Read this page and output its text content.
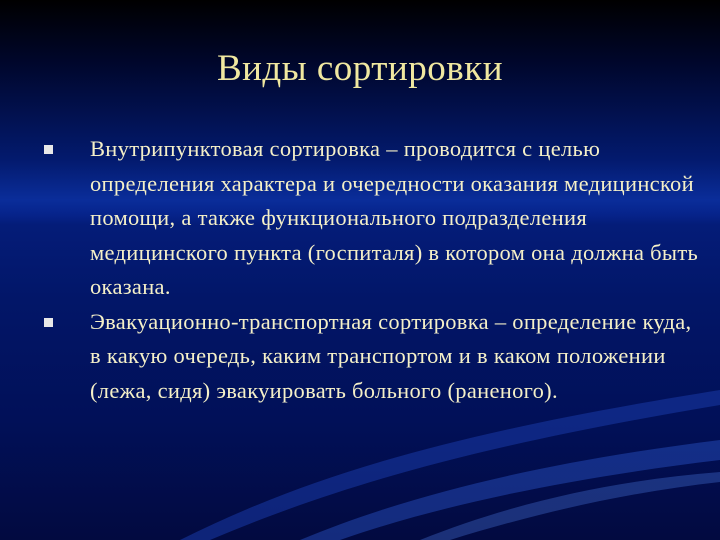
Виды сортировки
Внутрипунктовая сортировка – проводится с целью определения характера и очередности оказания медицинской помощи, а также функционального подразделения медицинского пункта (госпиталя) в котором она должна быть оказана.
Эвакуационно-транспортная сортировка – определение куда, в какую очередь, каким транспортом и в каком положении (лежа, сидя) эвакуировать больного (раненого).
